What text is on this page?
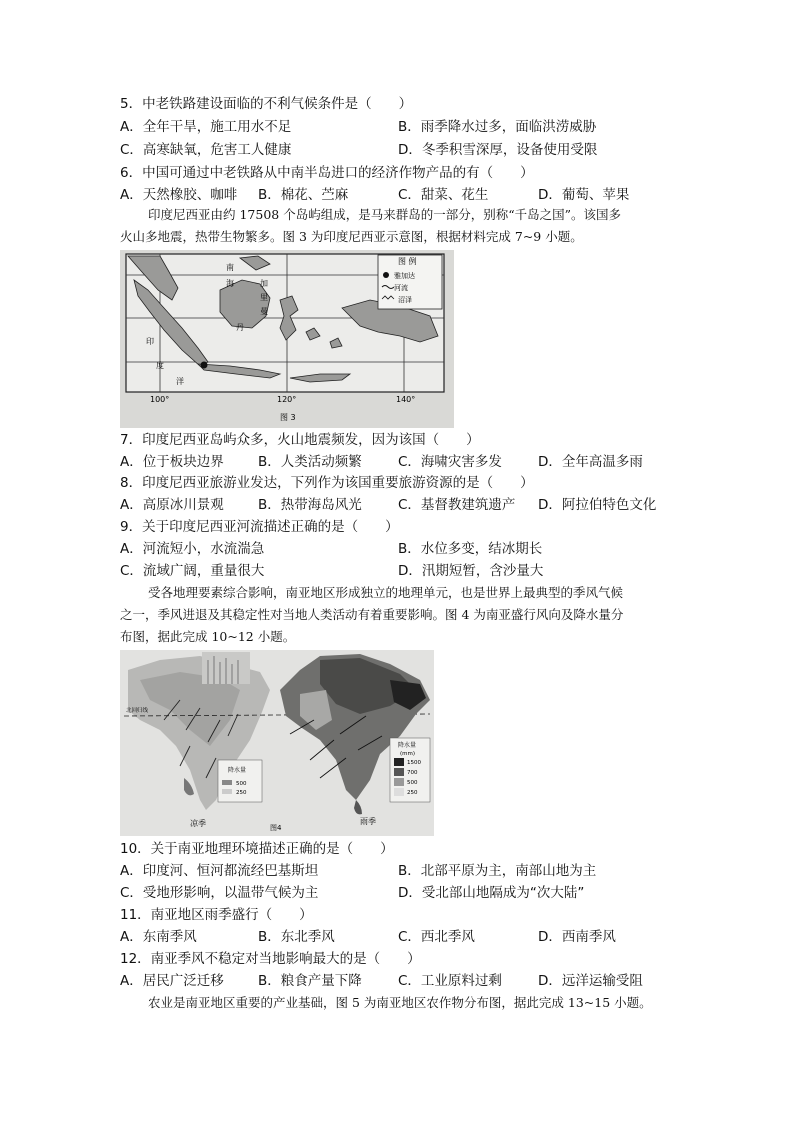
5．中老铁路建设面临的不利气候条件是（　　）
A．全年干旱，施工用水不足	B．雨季降水过多，面临洪涝威胁
C．高寒缺氧，危害工人健康	D．冬季积雪深厚，设备使用受限
6．中国可通过中老铁路从中南半岛进口的经济作物产品的有（　　）
A．天然橡胶、咖啡 B．棉花、苎麻	C．甜菜、花生	D．葡萄、苹果
印度尼西亚由约 17508 个岛屿组成，是马来群岛的一部分，别称“千岛之国”。该国多
火山多地震，热带生物繁多。图 3 为印度尼西亚示意图，根据材料完成 7~9 小题。
图 例
雅加达
河流
沼泽
南
海	加
里
曼
丹
印
度
洋
100°	120°	140°
图 3
7．印度尼西亚岛屿众多，火山地震频发，因为该国（　　）
A．位于板块边界	B．人类活动频繁	C．海啸灾害多发	D．全年高温多雨
8．印度尼西亚旅游业发达，下列作为该国重要旅游资源的是（　　）
A．高原冰川景观	B．热带海岛风光	C．基督教建筑遗产 D．阿拉伯特色文化
9．关于印度尼西亚河流描述正确的是（　　）
A．河流短小，水流湍急	B．水位多变，结冰期长
C．流域广阔，重量很大	D．汛期短暂，含沙量大
受各地理要素综合影响，南亚地区形成独立的地理单元，也是世界上最典型的季风气候
之一，季风进退及其稳定性对当地人类活动有着重要影响。图 4 为南亚盛行风向及降水量分
布图，据此完成 10~12 小题。
北回归线
降水量
500
250
凉季
降水量
(mm)
1500
700
500
250
雨季
图4
10．关于南亚地理环境描述正确的是（　　）
A．印度河、恒河都流经巴基斯坦	B．北部平原为主，南部山地为主
C．受地形影响，以温带气候为主	D．受北部山地隔成为“次大陆”
11．南亚地区雨季盛行（　　）
A．东南季风	B．东北季风	C．西北季风	D．西南季风
12．南亚季风不稳定对当地影响最大的是（　　）
A．居民广泛迁移	B．粮食产量下降	C．工业原料过剩	D．远洋运输受阻
农业是南亚地区重要的产业基础，图 5 为南亚地区农作物分布图，据此完成 13~15 小题。
